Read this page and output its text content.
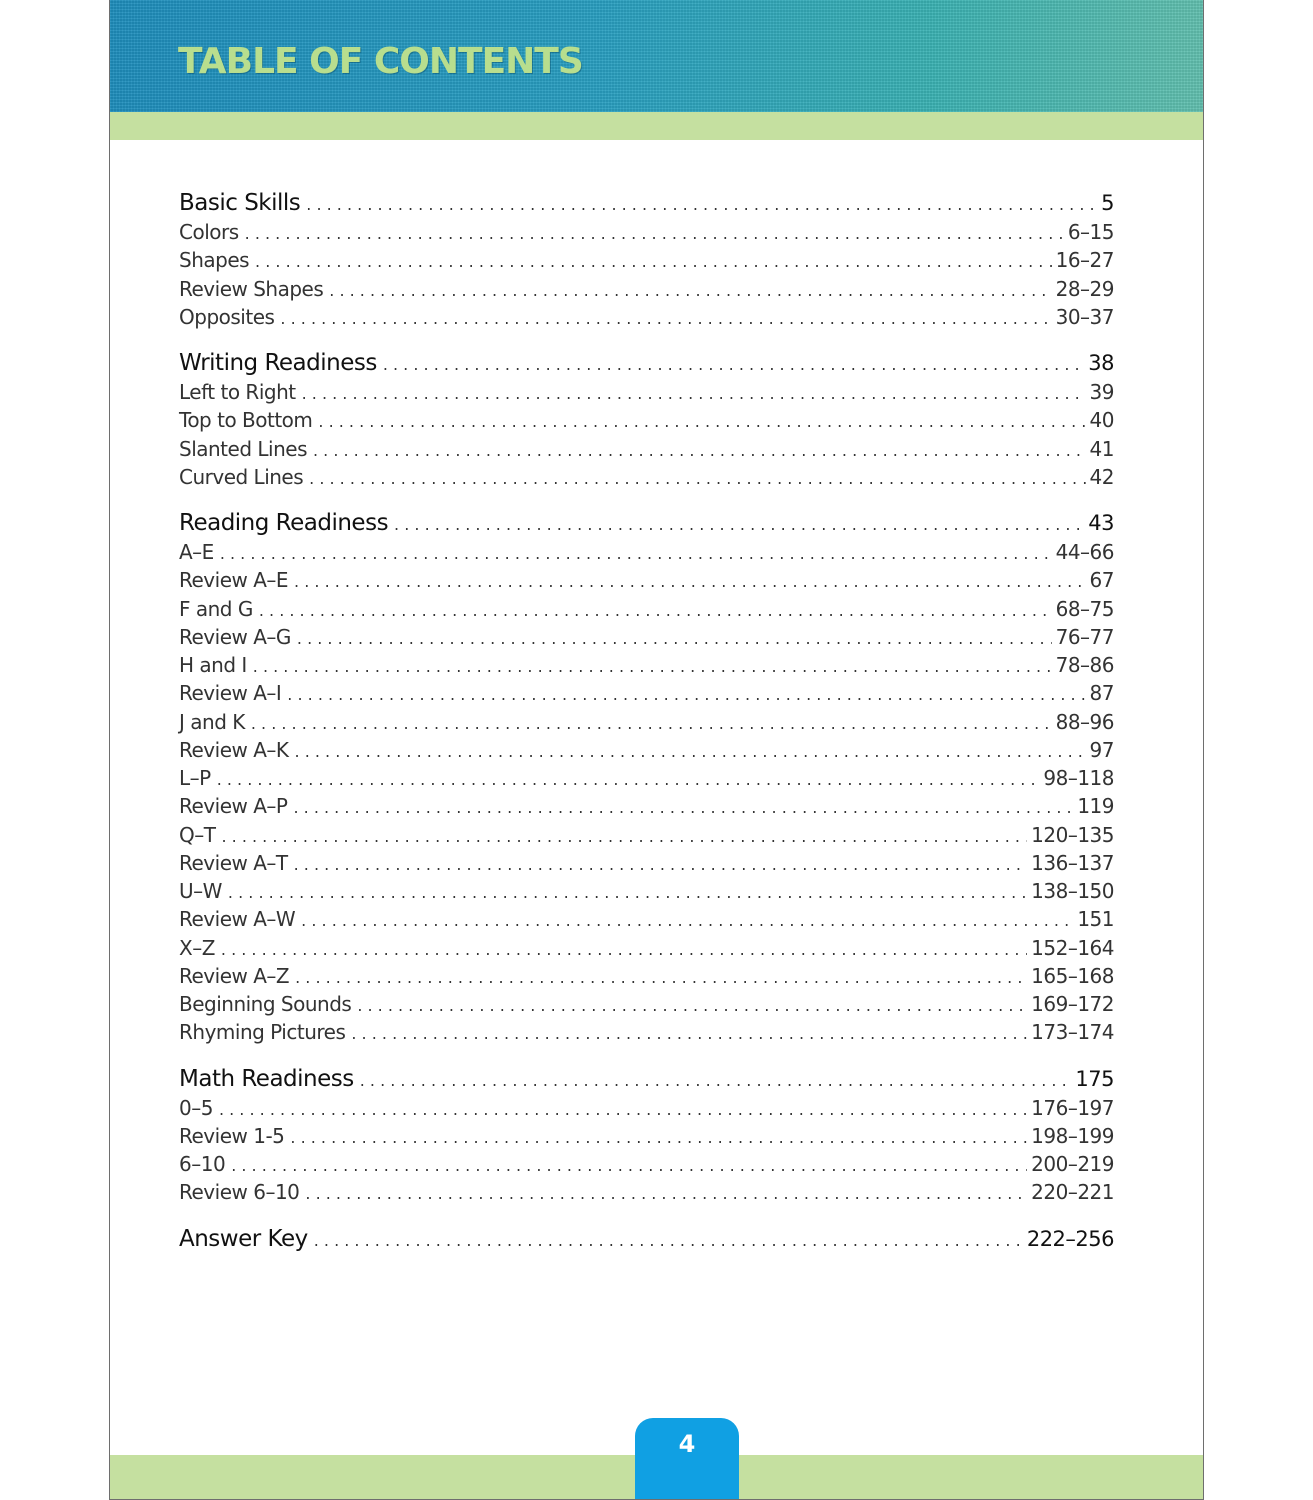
TABLE OF CONTENTS
Basic Skills . . .	5
Colors . . .	6–15
Shapes . . .	16–27
Review Shapes . . .	28–29
Opposites . . .	30–37
Writing Readiness . . .	38
Left to Right . . .	39
Top to Bottom . . .	40
Slanted Lines . . .	41
Curved Lines . . .	42
Reading Readiness . . .	43
A–E . . .	44–66
Review A–E . . .	67
F and G . . .	68–75
Review A–G . . .	76–77
H and I . . .	78–86
Review A–I . . .	87
J and K . . .	88–96
Review A–K . . .	97
L–P . . .	98–118
Review A–P . . .	119
Q–T . . .	120–135
Review A–T . . .	136–137
U–W . . .	138–150
Review A–W . . .	151
X–Z . . .	152–164
Review A–Z . . .	165–168
Beginning Sounds . . .	169–172
Rhyming Pictures . . .	173–174
Math Readiness . . .	175
0–5 . . .	176–197
Review 1-5 . . .	198–199
6–10 . . .	200–219
Review 6–10 . . .	220–221
Answer Key . . .	222–256
4
